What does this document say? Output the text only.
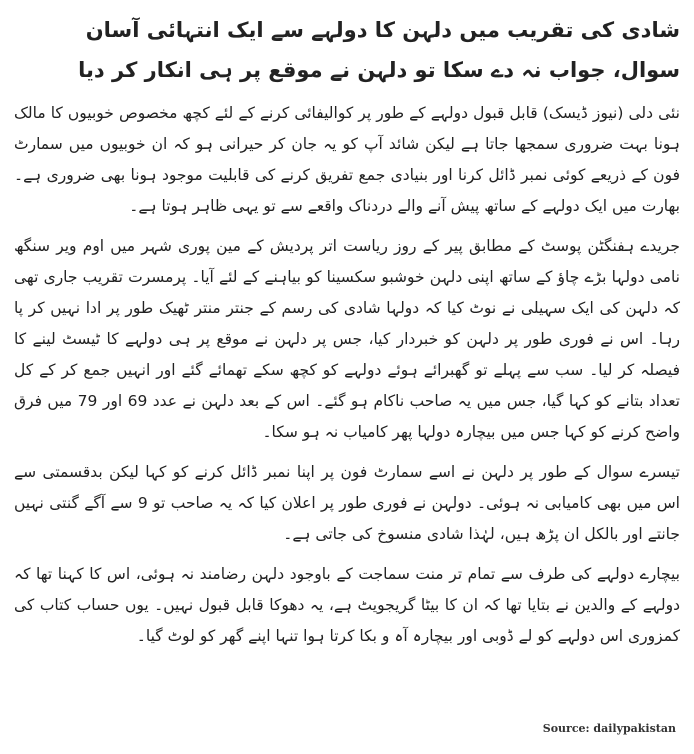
شادی کی تقریب میں دلہن کا دولہے سے ایک انتہائی آسان سوال، جواب نہ دے سکا تو دلہن نے موقع پر ہی انکار کر دیا

نئی دلی (نیوز ڈیسک) قابل قبول دولہے کے طور پر کوالیفائی کرنے کے لئے کچھ مخصوص خوبیوں کا مالک ہونا بہت ضروری سمجھا جاتا ہے لیکن شائد آپ کو یہ جان کر حیرانی ہو کہ ان خوبیوں میں سمارٹ فون کے ذریعے کوئی نمبر ڈائل کرنا اور بنیادی جمع تفریق کرنے کی قابلیت موجود ہونا بھی ضروری ہے۔ بھارت میں ایک دولہے کے ساتھ پیش آنے والے دردناک واقعے سے تو یہی ظاہر ہوتا ہے۔

جریدے ہفنگٹن پوسٹ کے مطابق پیر کے روز ریاست اتر پردیش کے مین پوری شہر میں اوم ویر سنگھ نامی دولہا بڑے چاؤ کے ساتھ اپنی دلہن خوشبو سکسینا کو بیاہنے کے لئے آیا۔ پرمسرت تقریب جاری تھی کہ دلہن کی ایک سہیلی نے نوٹ کیا کہ دولہا شادی کی رسم کے جنتر منتر ٹھیک طور پر ادا نہیں کر پا رہا۔ اس نے فوری طور پر دلہن کو خبردار کیا، جس پر دلہن نے موقع پر ہی دولہے کا ٹیسٹ لینے کا فیصلہ کر لیا۔ سب سے پہلے تو گھبرائے ہوئے دولہے کو کچھ سکے تھمائے گئے اور انہیں جمع کر کے کل تعداد بتانے کو کہا گیا، جس میں یہ صاحب ناکام ہو گئے۔ اس کے بعد دلہن نے عدد 69 اور 79 میں فرق واضح کرنے کو کہا جس میں بیچارہ دولہا پھر کامیاب نہ ہو سکا۔

تیسرے سوال کے طور پر دلہن نے اسے سمارٹ فون پر اپنا نمبر ڈائل کرنے کو کہا لیکن بدقسمتی سے اس میں بھی کامیابی نہ ہوئی۔ دولہن نے فوری طور پر اعلان کیا کہ یہ صاحب تو 9 سے آگے گنتی نہیں جانتے اور بالکل ان پڑھ ہیں، لہٰذا شادی منسوخ کی جاتی ہے۔

بیچارے دولہے کی طرف سے تمام تر منت سماجت کے باوجود دلہن رضامند نہ ہوئی، اس کا کہنا تھا کہ دولہے کے والدین نے بتایا تھا کہ ان کا بیٹا گریجویٹ ہے، یہ دھوکا قابل قبول نہیں۔ یوں حساب کتاب کی کمزوری اس دولہے کو لے ڈوبی اور بیچارہ آہ و بکا کرتا ہوا تنہا اپنے گھر کو لوٹ گیا۔

Source: dailypakistan
